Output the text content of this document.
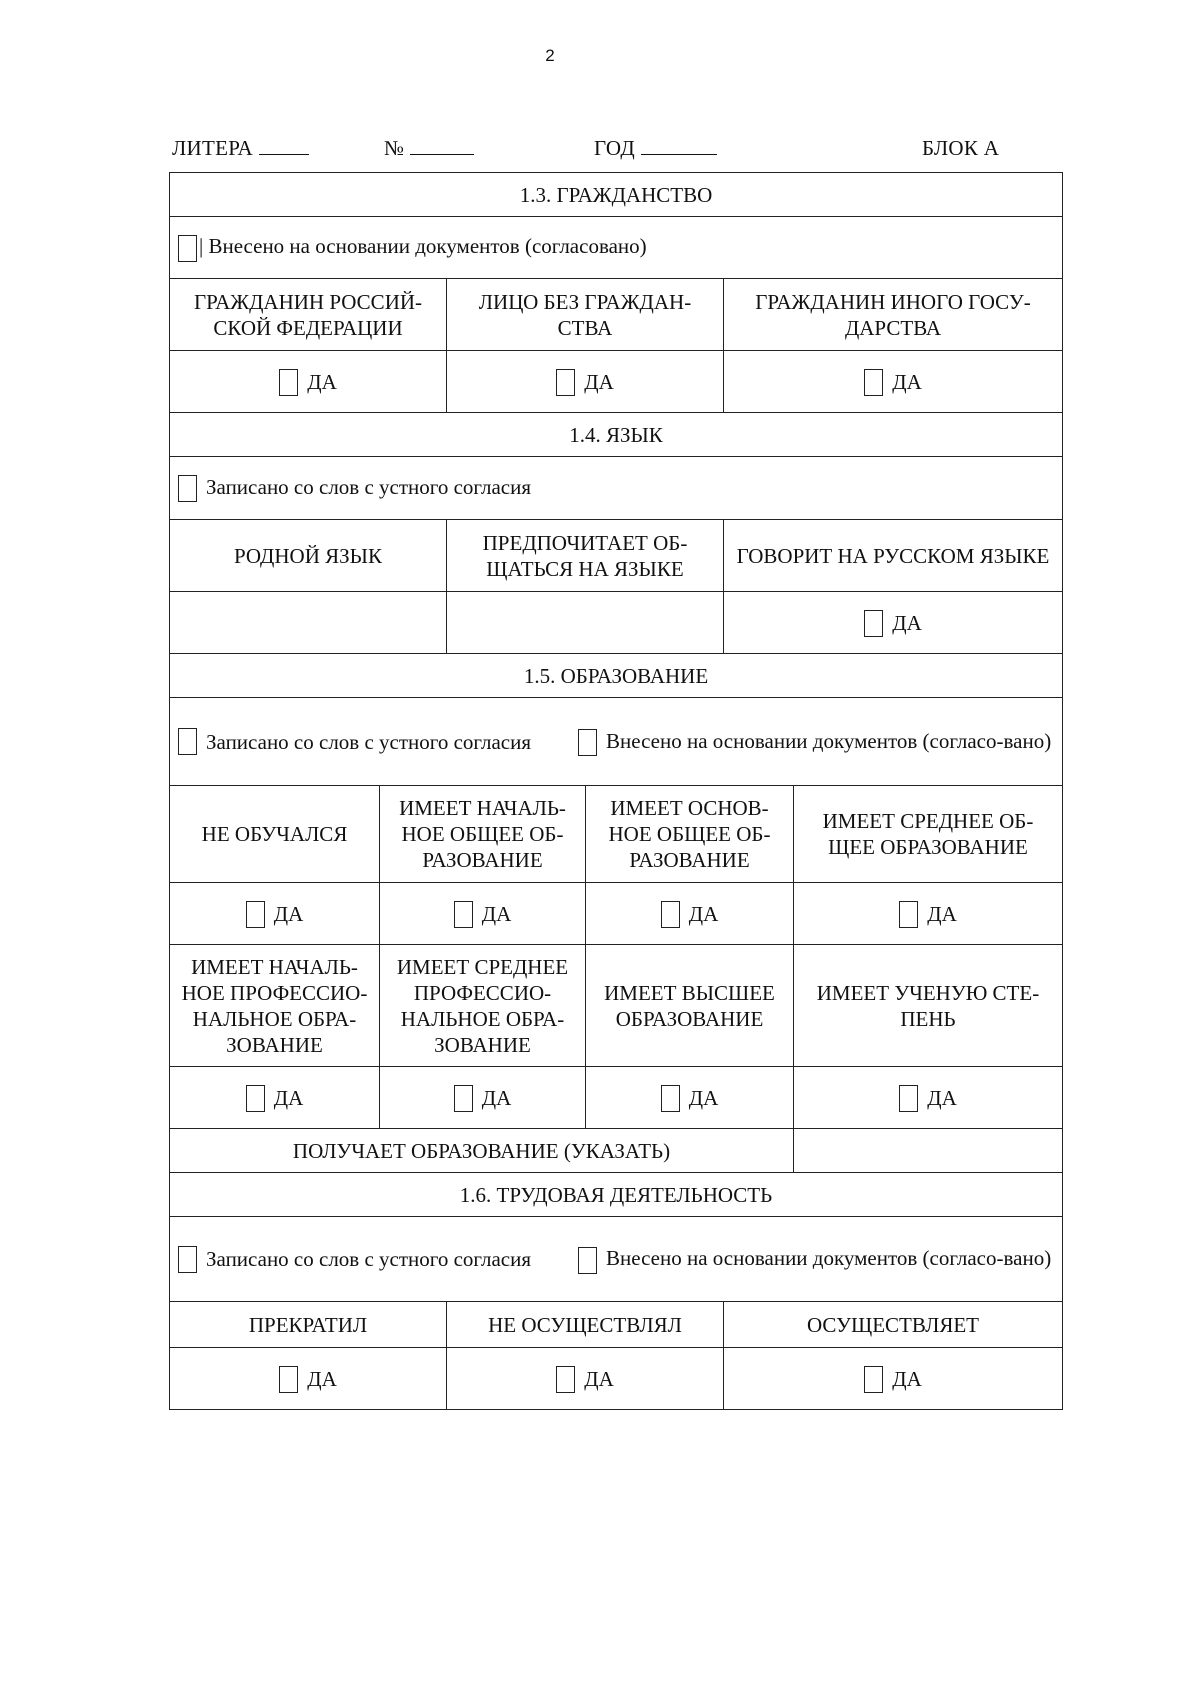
2
ЛИТЕРА	№	ГОД	БЛОК А
1.3. ГРАЖДАНСТВО					
| Внесено на основании документов (согласовано)					
ГРАЖДАНИН РОССИЙ-СКОЙ ФЕДЕРАЦИИ		ЛИЦО БЕЗ ГРАЖДАН-СТВА		ГРАЖДАНИН ИНОГО ГОСУ-ДАРСТВА	
ДА		ДА		ДА	
1.4. ЯЗЫК					
Записано со слов с устного согласия					
РОДНОЙ ЯЗЫК		ПРЕДПОЧИТАЕТ ОБ-ЩАТЬСЯ НА ЯЗЫКЕ		ГОВОРИТ НА РУССКОМ ЯЗЫКЕ	
				ДА	
1.5. ОБРАЗОВАНИЕ					

Записано со слов с устного согласия Внесено на основании документов (согласо-вано)					

НЕ ОБУЧАЛСЯ	ИМЕЕТ НАЧАЛЬ-НОЕ ОБЩЕЕ ОБ-РАЗОВАНИЕ		ИМЕЕТ ОСНОВ-НОЕ ОБЩЕЕ ОБ-РАЗОВАНИЕ		ИМЕЕТ СРЕДНЕЕ ОБ-ЩЕЕ ОБРАЗОВАНИЕ
ДА	ДА		ДА		ДА
ИМЕЕТ НАЧАЛЬ-НОЕ ПРОФЕССИО-НАЛЬНОЕ ОБРА-ЗОВАНИЕ	ИМЕЕТ СРЕДНЕЕ ПРОФЕССИО-НАЛЬНОЕ ОБРА-ЗОВАНИЕ		ИМЕЕТ ВЫСШЕЕ ОБРАЗОВАНИЕ		ИМЕЕТ УЧЕНУЮ СТЕ-ПЕНЬ
ДА	ДА		ДА		ДА
ПОЛУЧАЕТ ОБРАЗОВАНИЕ (УКАЗАТЬ)					
1.6. ТРУДОВАЯ ДЕЯТЕЛЬНОСТЬ					

Записано со слов с устного согласия Внесено на основании документов (согласо-вано)					

ПРЕКРАТИЛ		НЕ ОСУЩЕСТВЛЯЛ		ОСУЩЕСТВЛЯЕТ	
ДА		ДА		ДА	
